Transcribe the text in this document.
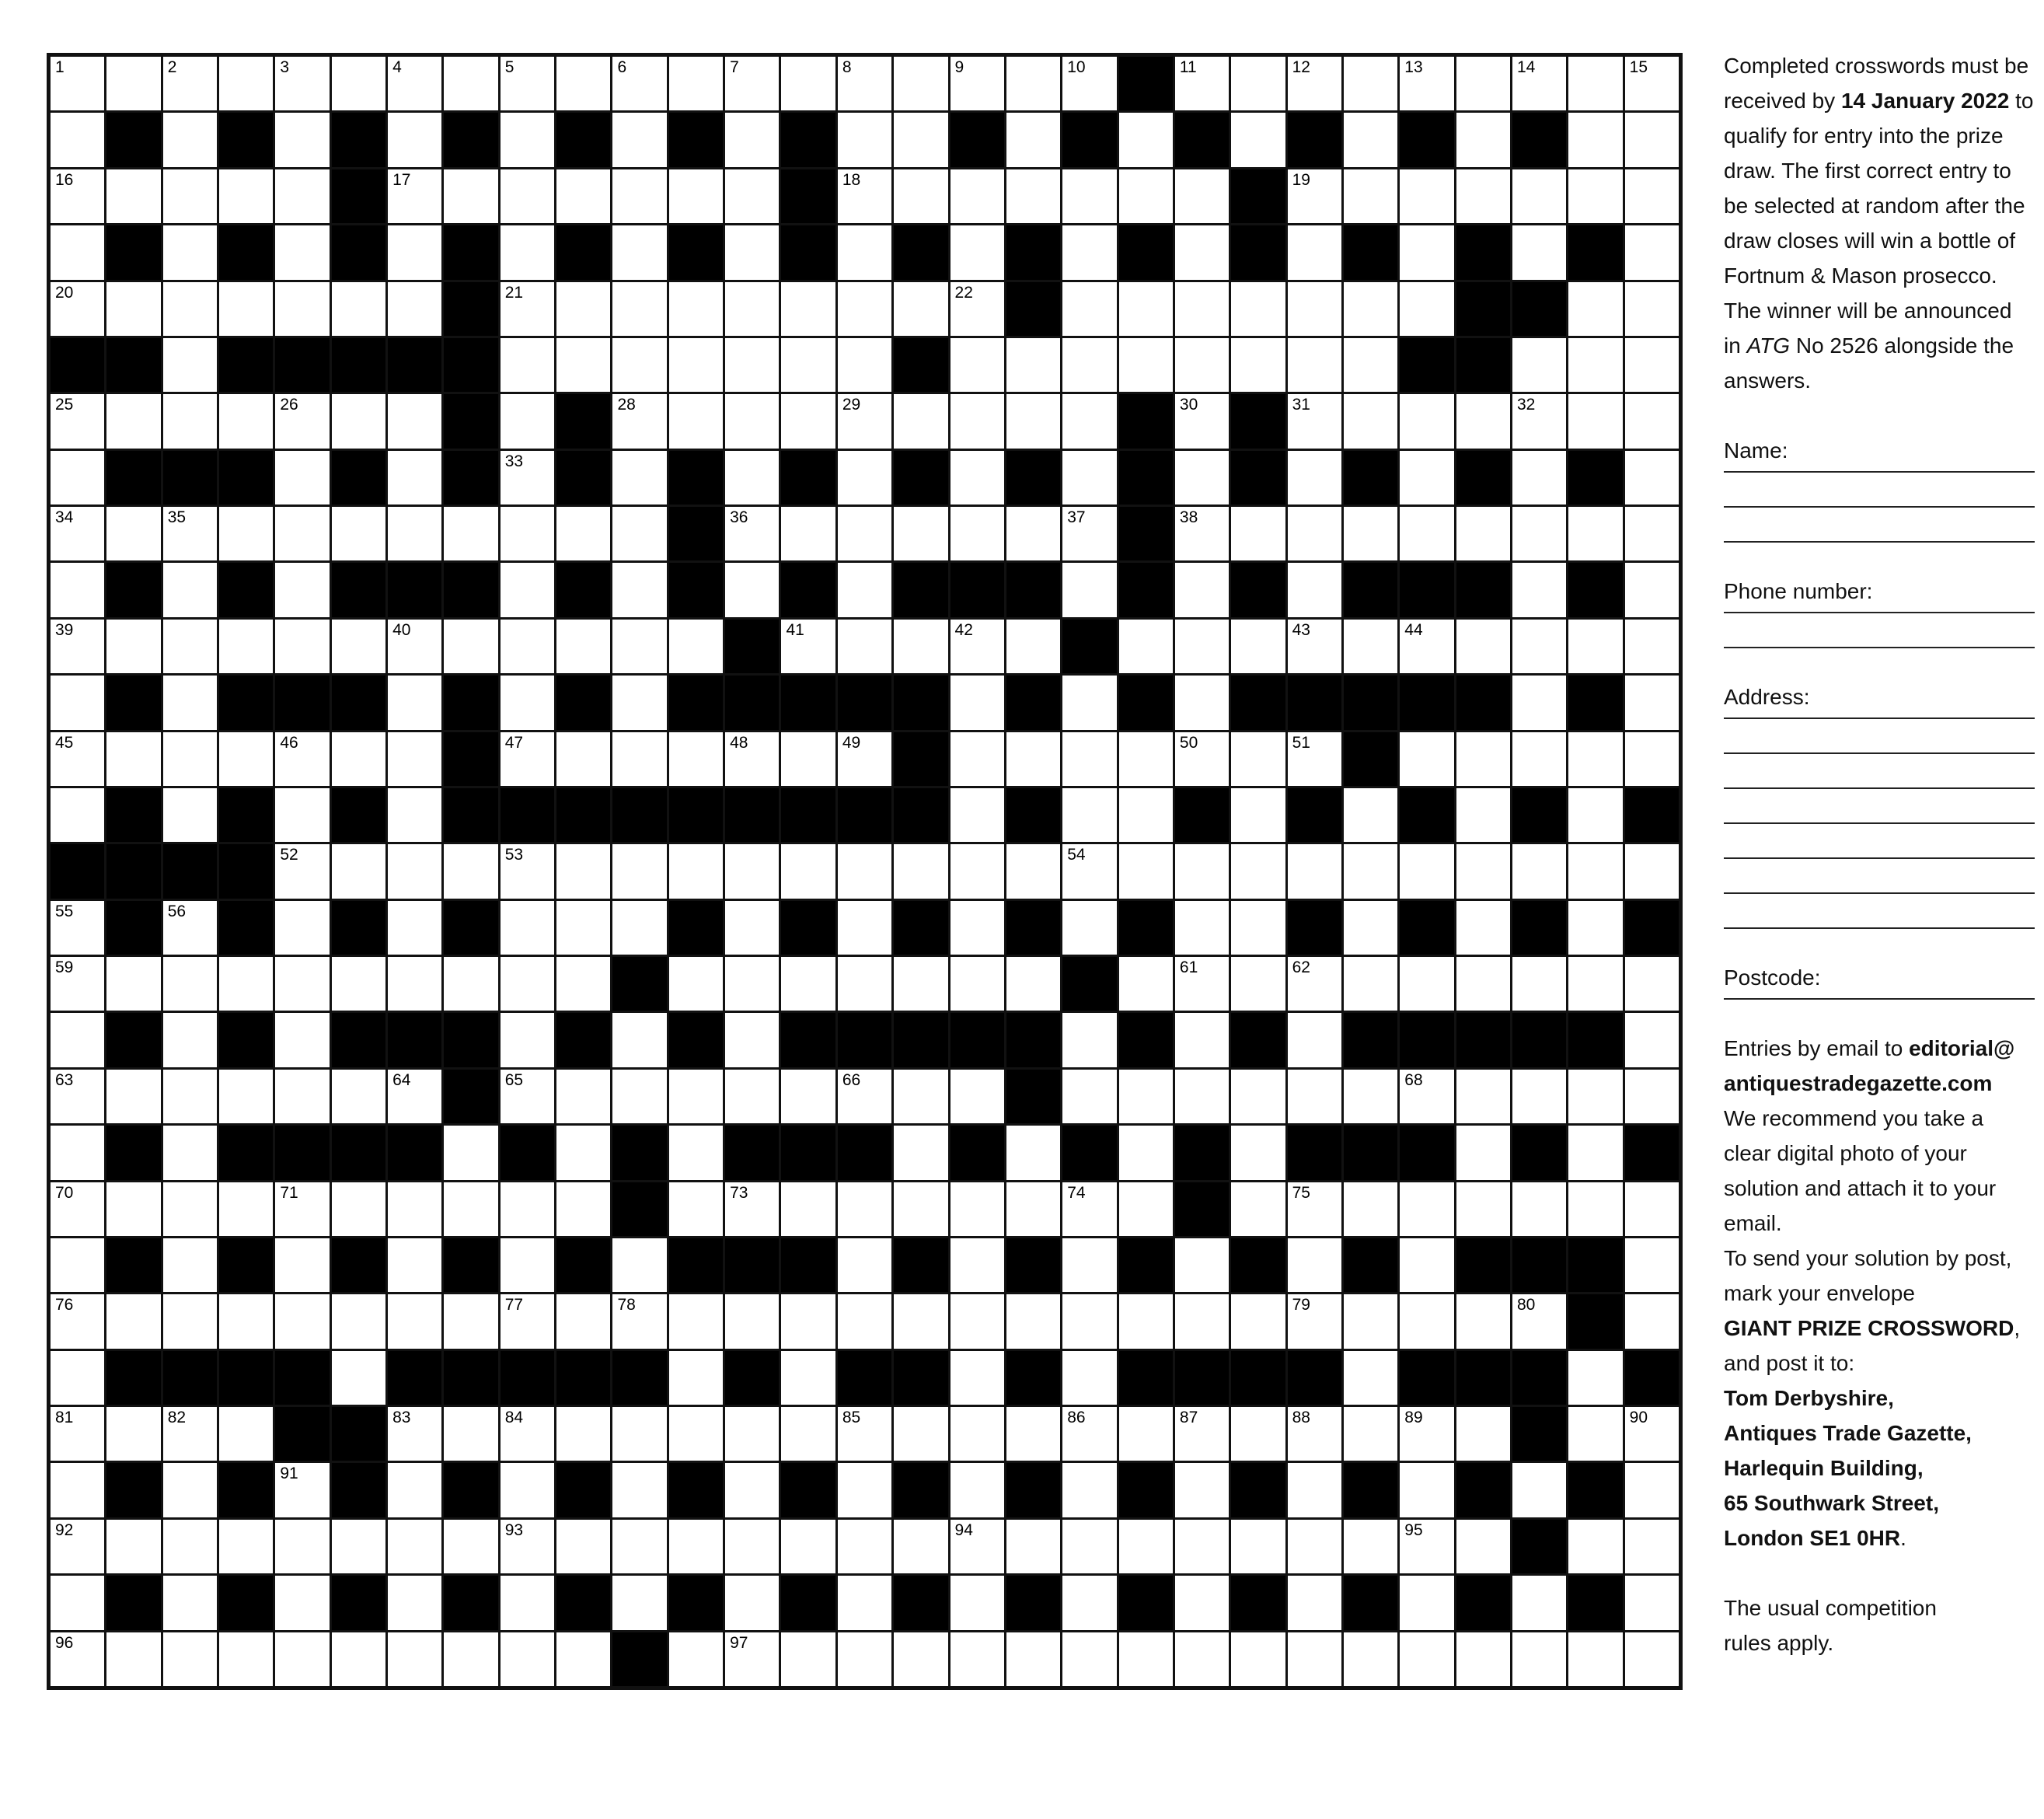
1	2	3	4	5	6	7	8	9	10	11	12	13	14	15
16	17	18	19
20	21	22
25	26	28	29	30	31	32
33
34	35	36	37	38
39	40	41	42	43	44
45	46	47	48	49	50	51
52	53	54
55	56
59	61	62
63	64	65	66	68
70	71	73	74	75
76	77	78	79	80
81	82	83	84	85	86	87	88	89	90
91
92	93	94	95
96	97

Completed crosswords must be received by 14 January 2022 to qualify for entry into the prize draw. The first correct entry to be selected at random after the draw closes will win a bottle of Fortnum & Mason prosecco. The winner will be announced in ATG No 2526 alongside the answers.

Name:

Phone number:

Address:

Postcode:

Entries by email to editorial@ antiquestradegazette.com

We recommend you take a clear digital photo of your solution and attach it to your email.

To send your solution by post, mark your envelope

GIANT PRIZE CROSSWORD, and post it to:

Tom Derbyshire,

Antiques Trade Gazette,

Harlequin Building,

65 Southwark Street,

London SE1 0HR.

The usual competition rules apply.
